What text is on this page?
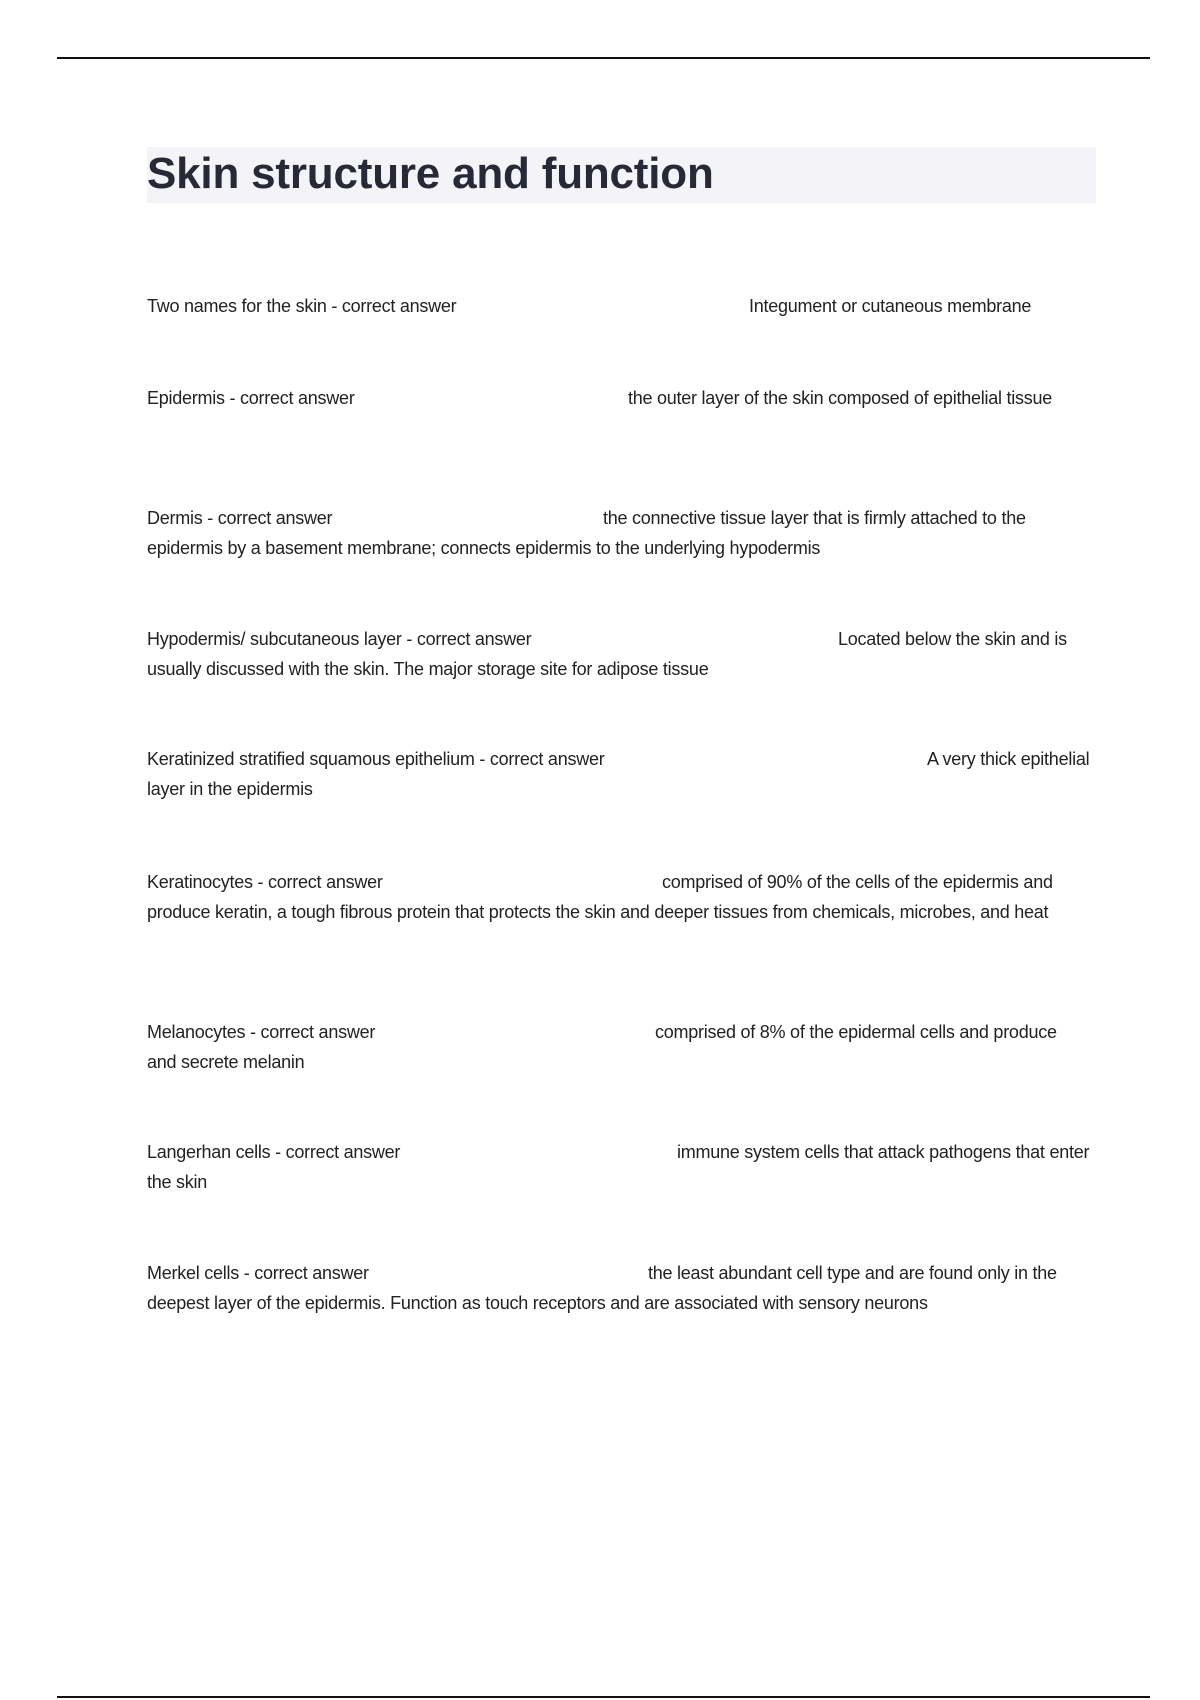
Skin structure and function
Two names for the skin - correct answer	Integument or cutaneous membrane
Epidermis - correct answer	the outer layer of the skin composed of epithelial tissue
Dermis - correct answer	the connective tissue layer that is firmly attached to the epidermis by a basement membrane; connects epidermis to the underlying hypodermis
Hypodermis/ subcutaneous layer - correct answer	Located below the skin and is usually discussed with the skin. The major storage site for adipose tissue
Keratinized stratified squamous epithelium - correct answer	A very thick epithelial layer in the epidermis
Keratinocytes - correct answer	comprised of 90% of the cells of the epidermis and produce keratin, a tough fibrous protein that protects the skin and deeper tissues from chemicals, microbes, and heat
Melanocytes - correct answer	comprised of 8% of the epidermal cells and produce and secrete melanin
Langerhan cells - correct answer	immune system cells that attack pathogens that enter the skin
Merkel cells - correct answer	the least abundant cell type and are found only in the deepest layer of the epidermis. Function as touch receptors and are associated with sensory neurons
